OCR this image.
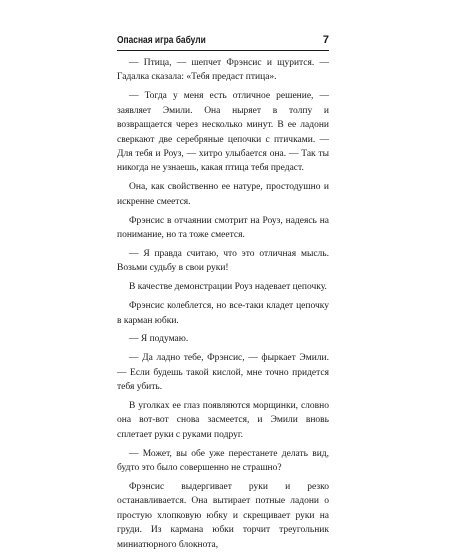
Опасная игра бабули	7

— Птица, — шепчет Фрэнсис и щурится. — Гадалка сказала: «Тебя предаст птица».

— Тогда у меня есть отличное решение, — заявляет Эмили. Она ныряет в толпу и возвращается через несколько минут. В ее ладони сверкают две серебряные цепочки с птичками. — Для тебя и Роуз, — хитро улыбается она. — Так ты никогда не узнаешь, какая птица тебя предаст.

Она, как свойственно ее натуре, простодушно и искренне смеется.

Фрэнсис в отчаянии смотрит на Роуз, надеясь на понимание, но та тоже смеется.

— Я правда считаю, что это отличная мысль. Возьми судьбу в свои руки!

В качестве демонстрации Роуз надевает цепочку.

Фрэнсис колеблется, но все-таки кладет цепочку в карман юбки.

— Я подумаю.

— Да ладно тебе, Фрэнсис, — фыркает Эмили. — Если будешь такой кислой, мне точно придется тебя убить.

В уголках ее глаз появляются морщинки, словно она вот-вот снова засмеется, и Эмили вновь сплетает руки с руками подруг.

— Может, вы обе уже перестанете делать вид, будто это было совершенно не страшно?

Фрэнсис выдергивает руки и резко останавливается. Она вытирает потные ладони о простую хлопковую юбку и скрещивает руки на груди. Из кармана юбки торчит треугольник миниатюрного блокнота,
